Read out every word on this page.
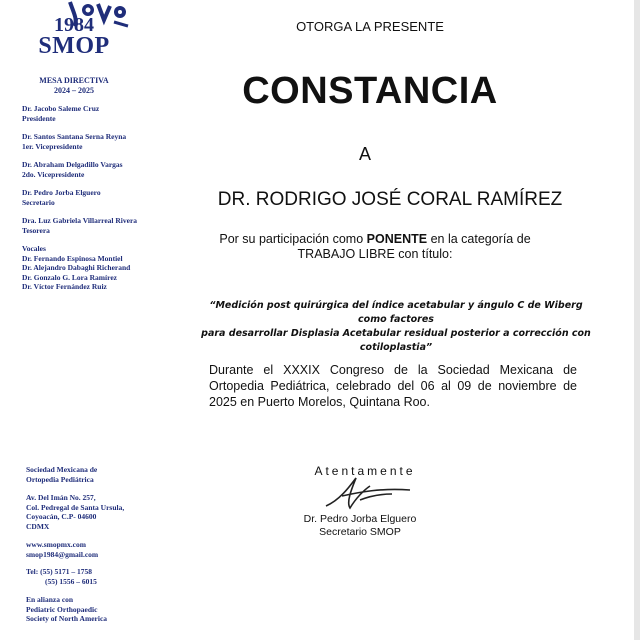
1984
SMOP
MESA DIRECTIVA
2024 – 2025
Dr. Jacobo Saleme Cruz
Presidente
Dr. Santos Santana Serna Reyna
1er. Vicepresidente
Dr. Abraham Delgadillo Vargas
2do. Vicepresidente
Dr. Pedro Jorba Elguero
Secretario
Dra. Luz Gabriela Villarreal Rivera
Tesorera
Vocales
Dr. Fernando Espinosa Montiel
Dr. Alejandro Dabaghi Richerand
Dr. Gonzalo G. Lora Ramírez
Dr. Víctor Fernández Ruiz
Sociedad Mexicana de
Ortopedia Pediátrica
Av. Del Imán No. 257,
Col. Pedregal de Santa Ursula,
Coyoacán, C.P- 04600
CDMX
www.smopmx.com
smop1984@gmail.com
Tel: (55) 5171 – 1758
(55) 1556 – 6015
En alianza con
Pediatric Orthopaedic
Society of North America
OTORGA LA PRESENTE
CONSTANCIA
A
DR. RODRIGO JOSÉ CORAL RAMÍREZ
Por su participación como PONENTE en la categoría de
TRABAJO LIBRE con título:
“Medición post quirúrgica del índice acetabular y ángulo C de Wiberg como factores
para desarrollar Displasia Acetabular residual posterior a corrección con cotiloplastia”
Durante el XXXIX Congreso de la Sociedad Mexicana de Ortopedia Pediátrica, celebrado del 06 al 09 de noviembre de 2025 en Puerto Morelos, Quintana Roo.
Atentamente
Dr. Pedro Jorba Elguero
Secretario SMOP
